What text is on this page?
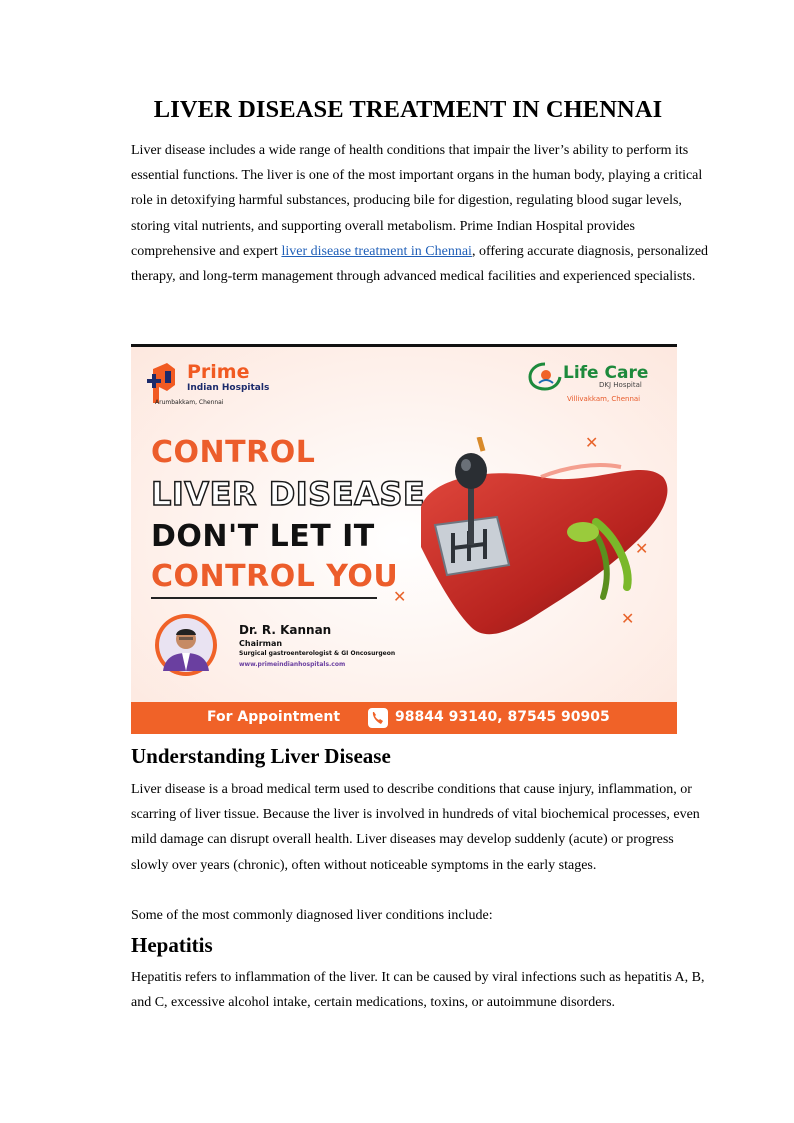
LIVER DISEASE TREATMENT IN CHENNAI

Liver disease includes a wide range of health conditions that impair the liver’s ability to perform its essential functions. The liver is one of the most important organs in the human body, playing a critical role in detoxifying harmful substances, producing bile for digestion, regulating blood sugar levels, storing vital nutrients, and supporting overall metabolism. Prime Indian Hospital provides comprehensive and expert liver disease treatment in Chennai, offering accurate diagnosis, personalized therapy, and long-term management through advanced medical facilities and experienced specialists.

Prime
Indian Hospitals
Arumbakkam, Chennai
Life Care
DKJ Hospital
Villivakkam, Chennai
CONTROL
LIVER DISEASE
DON'T LET IT
CONTROL YOU
✕
✕
✕
✕
Dr. R. Kannan
Chairman
Surgical gastroenterologist & GI Oncosurgeon
www.primeindianhospitals.com
For Appointment	98844 93140, 87545 90905
Understanding Liver Disease

Liver disease is a broad medical term used to describe conditions that cause injury, inflammation, or scarring of liver tissue. Because the liver is involved in hundreds of vital biochemical processes, even mild damage can disrupt overall health. Liver diseases may develop suddenly (acute) or progress slowly over years (chronic), often without noticeable symptoms in the early stages.

Some of the most commonly diagnosed liver conditions include:

Hepatitis

Hepatitis refers to inflammation of the liver. It can be caused by viral infections such as hepatitis A, B, and C, excessive alcohol intake, certain medications, toxins, or autoimmune disorders.
